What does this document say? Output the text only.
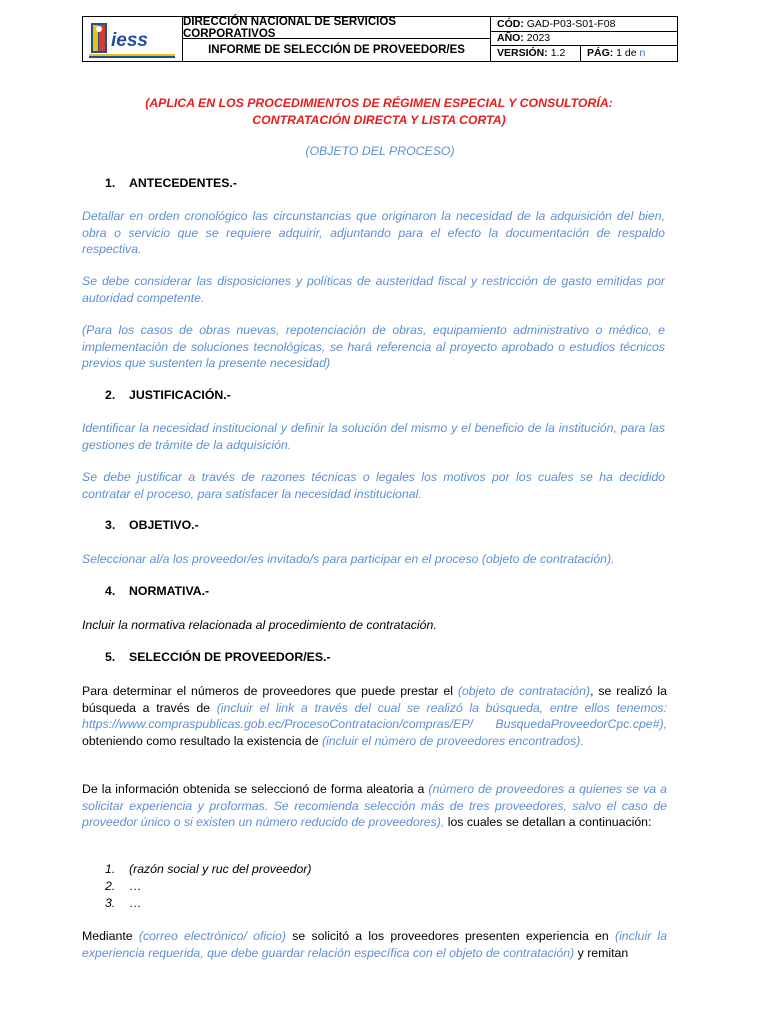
iess
DIRECCIÓN NACIONAL DE SERVICIOS CORPORATIVOS
INFORME DE SELECCIÓN DE PROVEEDOR/ES
CÓD: GAD-P03-S01-F08
AÑO: 2023
VERSIÓN: 1.2	PÁG: 1 de n
(APLICA EN LOS PROCEDIMIENTOS DE RÉGIMEN ESPECIAL Y CONSULTORÍA: CONTRATACIÓN DIRECTA Y LISTA CORTA)
(OBJETO DEL PROCESO)
1. ANTECEDENTES.-
Detallar en orden cronológico las circunstancias que originaron la necesidad de la adquisición del bien, obra o servicio que se requiere adquirir, adjuntando para el efecto la documentación de respaldo respectiva.
Se debe considerar las disposiciones y políticas de austeridad fiscal y restricción de gasto emitidas por autoridad competente.
(Para los casos de obras nuevas, repotenciación de obras, equipamiento administrativo o médico, e implementación de soluciones tecnológicas, se hará referencia al proyecto aprobado o estudios técnicos previos que sustenten la presente necesidad)
2. JUSTIFICACIÓN.-
Identificar la necesidad institucional y definir la solución del mismo y el beneficio de la institución, para las gestiones de trámite de la adquisición.
Se debe justificar a través de razones técnicas o legales los motivos por los cuales se ha decidido contratar el proceso, para satisfacer la necesidad institucional.
3. OBJETIVO.-
Seleccionar al/a los proveedor/es invitado/s para participar en el proceso (objeto de contratación).
4. NORMATIVA.-
Incluir la normativa relacionada al procedimiento de contratación.
5. SELECCIÓN DE PROVEEDOR/ES.-
Para determinar el números de proveedores que puede prestar el (objeto de contratación), se realizó la búsqueda a través de (incluir el link a través del cual se realizó la búsqueda, entre ellos tenemos: https://www.compraspublicas.gob.ec/ProcesoContratacion/compras/EP/ BusquedaProveedorCpc.cpe#), obteniendo como resultado la existencia de (incluir el número de proveedores encontrados).
De la información obtenida se seleccionó de forma aleatoria a (número de proveedores a quienes se va a solicitar experiencia y proformas. Se recomienda selección más de tres proveedores, salvo el caso de proveedor único o si existen un número reducido de proveedores), los cuales se detallan a continuación:
1. (razón social y ruc del proveedor)
2. …
3. …
Mediante (correo electrónico/ oficio) se solicitó a los proveedores presenten experiencia en (incluir la experiencia requerida, que debe guardar relación específica con el objeto de contratación) y remitan
